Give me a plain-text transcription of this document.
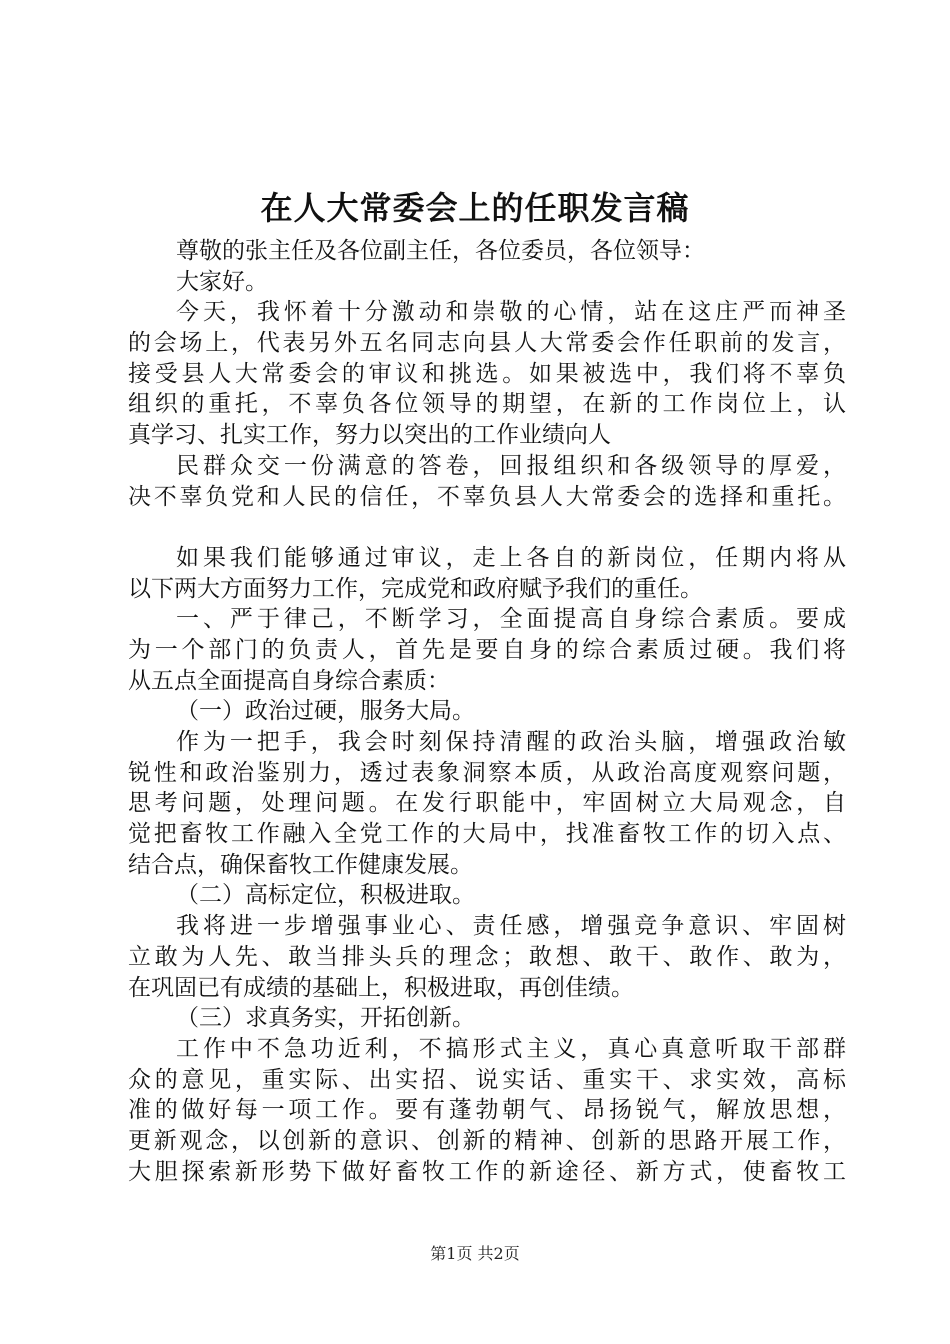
在人大常委会上的任职发言稿
尊敬的张主任及各位副主任，各位委员，各位领导：
大家好。
今天，我怀着十分激动和崇敬的心情，站在这庄严而神圣
的会场上，代表另外五名同志向县人大常委会作任职前的发言，
接受县人大常委会的审议和挑选。如果被选中，我们将不辜负
组织的重托，不辜负各位领导的期望，在新的工作岗位上，认
真学习、扎实工作，努力以突出的工作业绩向人
民群众交一份满意的答卷，回报组织和各级领导的厚爱，
决不辜负党和人民的信任，不辜负县人大常委会的选择和重托。
如果我们能够通过审议，走上各自的新岗位，任期内将从
以下两大方面努力工作，完成党和政府赋予我们的重任。
一、严于律己，不断学习，全面提高自身综合素质。要成
为一个部门的负责人，首先是要自身的综合素质过硬。我们将
从五点全面提高自身综合素质：
（一）政治过硬，服务大局。
作为一把手，我会时刻保持清醒的政治头脑，增强政治敏
锐性和政治鉴别力，透过表象洞察本质，从政治高度观察问题，
思考问题，处理问题。在发行职能中，牢固树立大局观念，自
觉把畜牧工作融入全党工作的大局中，找准畜牧工作的切入点、
结合点，确保畜牧工作健康发展。
（二）高标定位，积极进取。
我将进一步增强事业心、责任感，增强竞争意识、牢固树
立敢为人先、敢当排头兵的理念；敢想、敢干、敢作、敢为，
在巩固已有成绩的基础上，积极进取，再创佳绩。
（三）求真务实，开拓创新。
工作中不急功近利，不搞形式主义，真心真意听取干部群
众的意见，重实际、出实招、说实话、重实干、求实效，高标
准的做好每一项工作。要有蓬勃朝气、昂扬锐气，解放思想，
更新观念，以创新的意识、创新的精神、创新的思路开展工作，
大胆探索新形势下做好畜牧工作的新途径、新方式，使畜牧工
第1页 共2页
